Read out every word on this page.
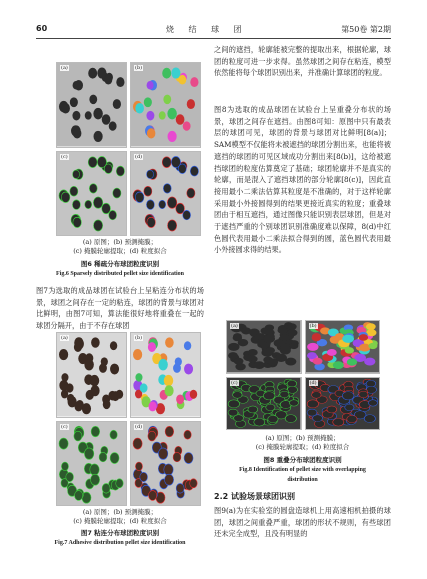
60	烧 结 球 团	第50卷 第2期
(a)	(b)
(c)	(d)
(a) 原图；(b) 预测掩膜；
(c) 掩膜轮廓提取；(d) 粒度拟合
图6 稀疏分布球团粒度识别
Fig.6 Sparsely distributed pellet size identification
图7为选取的成品球团在试验台上呈粘连分布状的场景，球团之间存在一定的粘连，球团的背景与球团对比鲜明，由图7可知，算法能很好地将重叠在一起的球团分隔开，由于不存在球团
(a)	(b)
(c)	(d)
(a) 原图；(b) 预测掩膜；
(c) 掩膜轮廓提取；(d) 粒度拟合
图7 粘连分布球团粒度识别
Fig.7 Adhesive distribution pellet size identification
之间的遮挡，轮廓能被完整的提取出来，根据轮廓，球团的粒度可进一步求得。虽然球团之间存在粘连，模型依然能将每个球团识别出来，并准确计算球团的粒度。
图8为选取的成品球团在试验台上呈重叠分布状的场景，球团之间存在遮挡。由图8可知：原图中只有最表层的球团可见，球团的背景与球团对比鲜明[8(a)]；SAM模型不仅能将未被遮挡的球团分割出来，也能将被遮挡的球团的可见区域成功分割出来[8(b)]，这给被遮挡球团的粒度估算奠定了基础；球团轮廓并不是真实的轮廓，而是混入了遮挡球团的部分轮廓[8(c)]，因此直接用最小二乘法估算其粒度是不准确的，对于这样轮廓采用最小外接圆得到的结果更接近真实的粒度；重叠球团由于相互遮挡，通过图像只能识别表层球团，但是对于遮挡严重的个别球团识别准确度难以保障，8(d)中红色圆代表用最小二乘法拟合得到的圆，蓝色圆代表用最小外接圆求得的结果。
(a)	(b)
(c)	(d)
(a) 原图；(b) 预测掩膜；
(c) 掩膜轮廓提取；(d) 粒度拟合
图8 重叠分布球团粒度识别
Fig.8 Identification of pellet size with overlapping
distribution
2.2 试验场景球团识别
图9(a)为在实验室的圆盘造球机上用高速相机拍摄的球团，球团之间重叠严重，球团的形状不规则，有些球团还未完全成型，且没有明显的
